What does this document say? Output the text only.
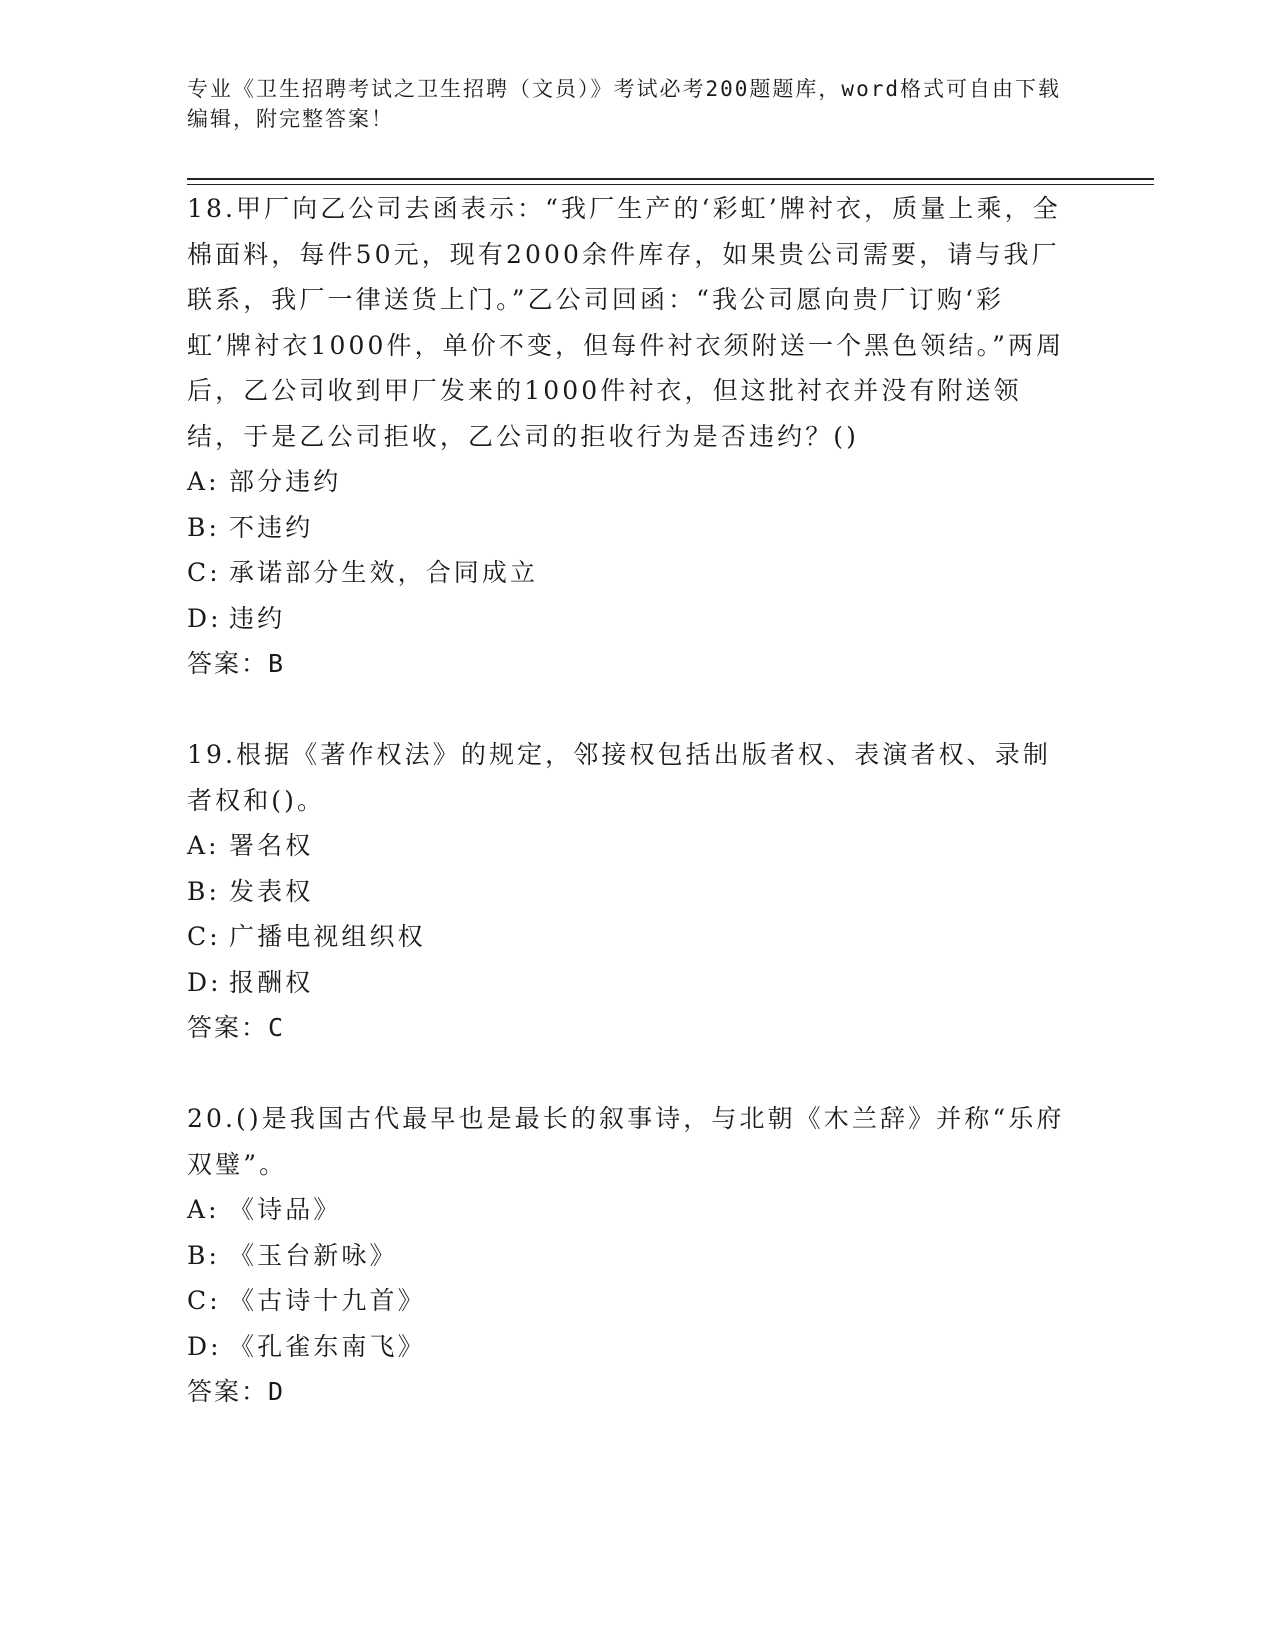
专业《卫生招聘考试之卫生招聘（文员）》考试必考200题题库，word格式可自由下载编辑，附完整答案！

18.甲厂向乙公司去函表示：“我厂生产的‘彩虹’牌衬衣，质量上乘，全棉面料，每件50元，现有2000余件库存，如果贵公司需要，请与我厂联系，我厂一律送货上门。”乙公司回函：“我公司愿向贵厂订购‘彩虹’牌衬衣1000件，单价不变，但每件衬衣须附送一个黑色领结。”两周后，乙公司收到甲厂发来的1000件衬衣，但这批衬衣并没有附送领结，于是乙公司拒收，乙公司的拒收行为是否违约？()

A: 部分违约

B: 不违约

C: 承诺部分生效，合同成立

D: 违约

答案：B

19.根据《著作权法》的规定，邻接权包括出版者权、表演者权、录制者权和()。

A: 署名权

B: 发表权

C: 广播电视组织权

D: 报酬权

答案：C

20.()是我国古代最早也是最长的叙事诗，与北朝《木兰辞》并称“乐府双璧”。

A: 《诗品》

B: 《玉台新咏》

C: 《古诗十九首》

D: 《孔雀东南飞》

答案：D
